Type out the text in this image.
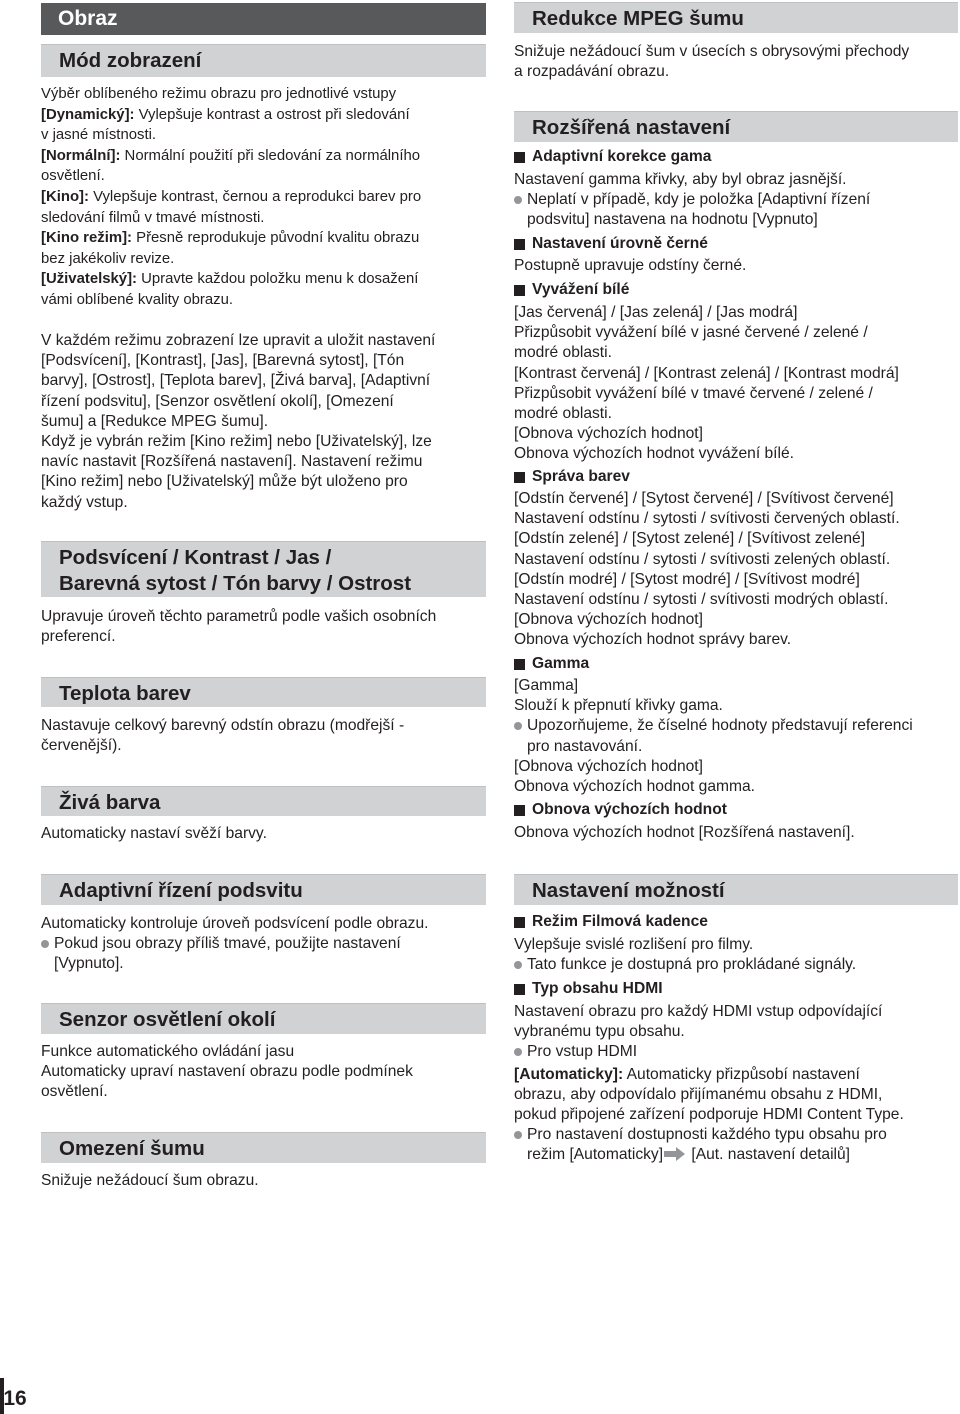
Obraz
Mód zobrazení
Výběr oblíbeného režimu obrazu pro jednotlivé vstupy
[Dynamický]: Vylepšuje kontrast a ostrost při sledování
v jasné místnosti.
[Normální]: Normální použití při sledování za normálního
osvětlení.
[Kino]: Vylepšuje kontrast, černou a reprodukci barev pro
sledování filmů v tmavé místnosti.
[Kino režim]: Přesně reprodukuje původní kvalitu obrazu
bez jakékoliv revize.
[Uživatelský]: Upravte každou položku menu k dosažení
vámi oblíbené kvality obrazu.
V každém režimu zobrazení lze upravit a uložit nastavení
[Podsvícení], [Kontrast], [Jas], [Barevná sytost], [Tón
barvy], [Ostrost], [Teplota barev], [Živá barva], [Adaptivní
řízení podsvitu], [Senzor osvětlení okolí], [Omezení
šumu] a [Redukce MPEG šumu].
Když je vybrán režim [Kino režim] nebo [Uživatelský], lze
navíc nastavit [Rozšířená nastavení]. Nastavení režimu
[Kino režim] nebo [Uživatelský] může být uloženo pro
každý vstup.
Podsvícení / Kontrast / Jas /
Barevná sytost / Tón barvy / Ostrost
Upravuje úroveň těchto parametrů podle vašich osobních
preferencí.
Teplota barev
Nastavuje celkový barevný odstín obrazu (modřejší -
červenější).
Živá barva
Automaticky nastaví svěží barvy.
Adaptivní řízení podsvitu
Automaticky kontroluje úroveň podsvícení podle obrazu.
Pokud jsou obrazy příliš tmavé, použijte nastavení
[Vypnuto].
Senzor osvětlení okolí
Funkce automatického ovládání jasu
Automaticky upraví nastavení obrazu podle podmínek
osvětlení.
Omezení šumu
Snižuje nežádoucí šum obrazu.
Redukce MPEG šumu
Snižuje nežádoucí šum v úsecích s obrysovými přechody
a rozpadávání obrazu.
Rozšířená nastavení
Adaptivní korekce gama
Nastavení gamma křivky, aby byl obraz jasnější.
Neplatí v případě, kdy je položka [Adaptivní řízení
podsvitu] nastavena na hodnotu [Vypnuto]
Nastavení úrovně černé
Postupně upravuje odstíny černé.
Vyvážení bílé
[Jas červená] / [Jas zelená] / [Jas modrá]
Přizpůsobit vyvážení bílé v jasné červené / zelené /
modré oblasti.
[Kontrast červená] / [Kontrast zelená] / [Kontrast modrá]
Přizpůsobit vyvážení bílé v tmavé červené / zelené /
modré oblasti.
[Obnova výchozích hodnot]
Obnova výchozích hodnot vyvážení bílé.
Správa barev
[Odstín červené] / [Sytost červené] / [Svítivost červené]
Nastavení odstínu / sytosti / svítivosti červených oblastí.
[Odstín zelené] / [Sytost zelené] / [Svítivost zelené]
Nastavení odstínu / sytosti / svítivosti zelených oblastí.
[Odstín modré] / [Sytost modré] / [Svítivost modré]
Nastavení odstínu / sytosti / svítivosti modrých oblastí.
[Obnova výchozích hodnot]
Obnova výchozích hodnot správy barev.
Gamma
[Gamma]
Slouží k přepnutí křivky gama.
Upozorňujeme, že číselné hodnoty představují referenci
pro nastavování.
[Obnova výchozích hodnot]
Obnova výchozích hodnot gamma.
Obnova výchozích hodnot
Obnova výchozích hodnot [Rozšířená nastavení].
Nastavení možností
Režim Filmová kadence
Vylepšuje svislé rozlišení pro filmy.
Tato funkce je dostupná pro prokládané signály.
Typ obsahu HDMI
Nastavení obrazu pro každý HDMI vstup odpovídající
vybranému typu obsahu.
Pro vstup HDMI
[Automaticky]: Automaticky přizpůsobí nastavení
obrazu, aby odpovídalo přijímanému obsahu z HDMI,
pokud připojené zařízení podporuje HDMI Content Type.
Pro nastavení dostupnosti každého typu obsahu pro
režim [Automaticky] [Aut. nastavení detailů]
16
